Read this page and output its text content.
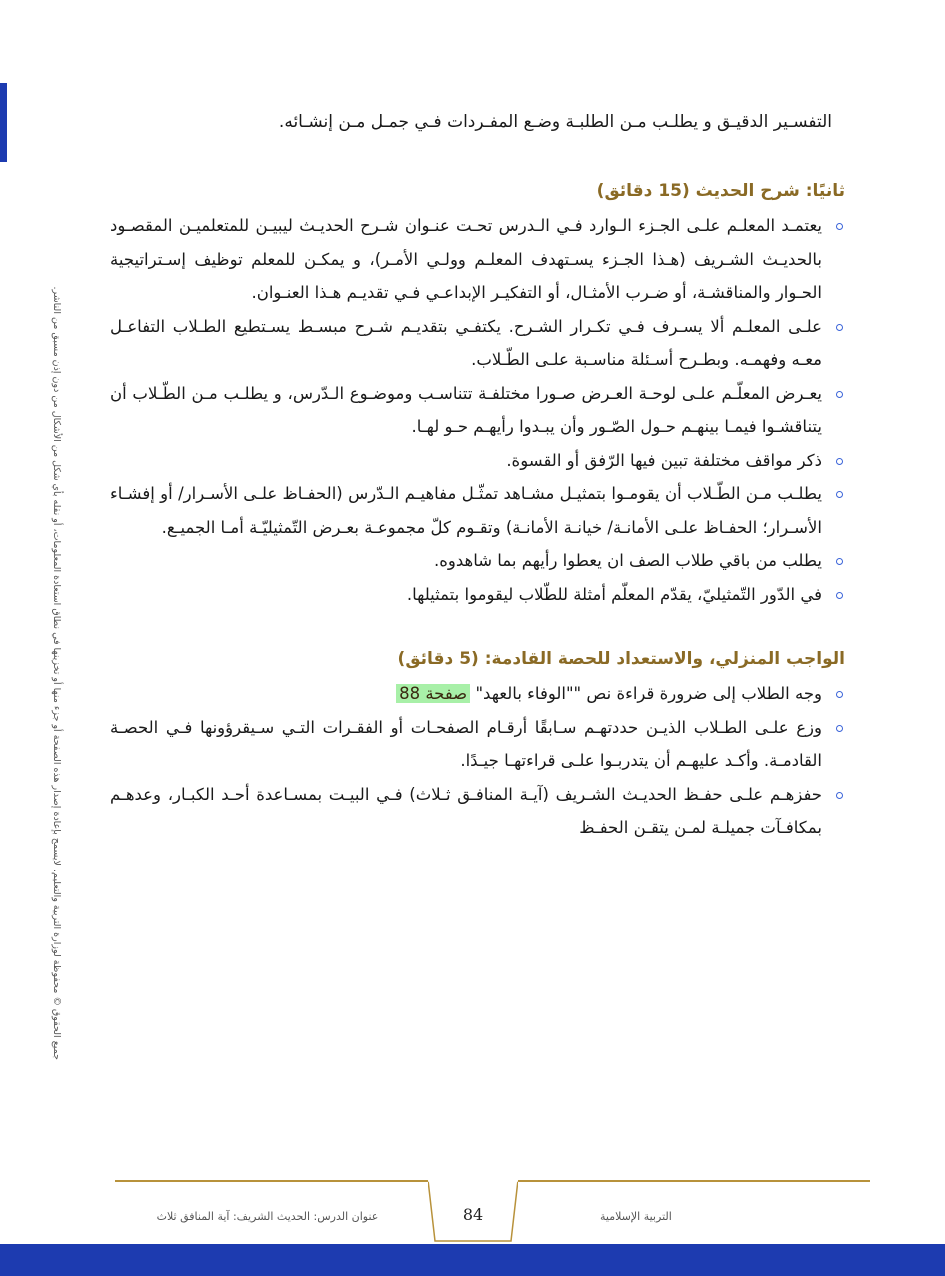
جميع الحقوق © محفوظة لوزارة التربية والتعليم. لايسمح بإعادة إصدار هذه الصفحة أو جزء منها أو تخزينها في نطاق استعادة المعلومات، أو نقله بأي شكل من الأشكال من دون إذن مسبق من الناشر.

التفسـير الدقيـق و يطلـب مـن الطلبـة وضـع المفـردات فـي جمـل مـن إنشـائه.

ثانيًا: شرح الحديث (15 دقائق)
يعتمـد المعلـم علـى الجـزء الـوارد فـي الـدرس تحـت عنـوان شـرح الحديـث ليبيـن للمتعلميـن المقصـود بالحديـث الشـريف (هـذا الجـزء يسـتهدف المعلـم وولـي الأمـر)، و يمكـن للمعلم توظيف إسـتراتيجية الحـوار والمناقشـة، أو ضـرب الأمثـال، أو التفكيـر الإبداعـي فـي تقديـم هـذا العنـوان.
علـى المعلـم ألا يسـرف فـي تكـرار الشـرح. يكتفـي بتقديـم شـرح مبسـط يسـتطيع الطـلاب التفاعـل معـه وفهمـه. وبطـرح أسـئلة مناسـبة علـى الطّـلاب.
يعـرض المعلّـم علـى لوحـة العـرض صـورا مختلفـة تتناسـب وموضـوع الـدّرس، و يطلـب مـن الطّـلاب أن يتناقشـوا فيمـا بينهـم حـول الصّـور وأن يبـدوا رأيهـم حـو لهـا.
ذكر مواقف مختلفة تبين فيها الرّفق أو القسوة.
يطلـب مـن الطّـلاب أن يقومـوا بتمثيـل مشـاهد تمثّـل مفاهيـم الـدّرس (الحفـاظ علـى الأسـرار/ أو إفشـاء الأسـرار؛ الحفـاظ علـى الأمانـة/ خيانـة الأمانـة) وتقـوم كلّ مجموعـة بعـرض التّمثيليّـة أمـا الجميـع.
يطلب من باقي طلاب الصف ان يعطوا رأيهم بما شاهدوه.
في الدّور التّمثيليّ، يقدّم المعلّم أمثلة للطّلاب ليقوموا بتمثيلها.
الواجب المنزلي، والاستعداد للحصة القادمة: (5 دقائق)
وجه الطلاب إلى ضرورة قراءة نص ""الوفاء بالعهد" صفحة 88
وزع علـى الطـلاب الذيـن حددتهـم سـابقًا أرقـام الصفحـات أو الفقـرات التـي سـيقرؤونها فـي الحصـة القادمـة. وأكـد عليهـم أن يتدربـوا علـى قراءتهـا جيـدًا.
حفزهـم علـى حفـظ الحديـث الشـريف (آيـة المنافـق ثـلاث) فـي البيـت بمسـاعدة أحـد الكبـار، وعدهـم بمكافـآت جميلـة لمـن يتقـن الحفـظ
84
عنوان الدرس: الحديث الشريف: آية المنافق ثلاث	التربية الإسلامية
